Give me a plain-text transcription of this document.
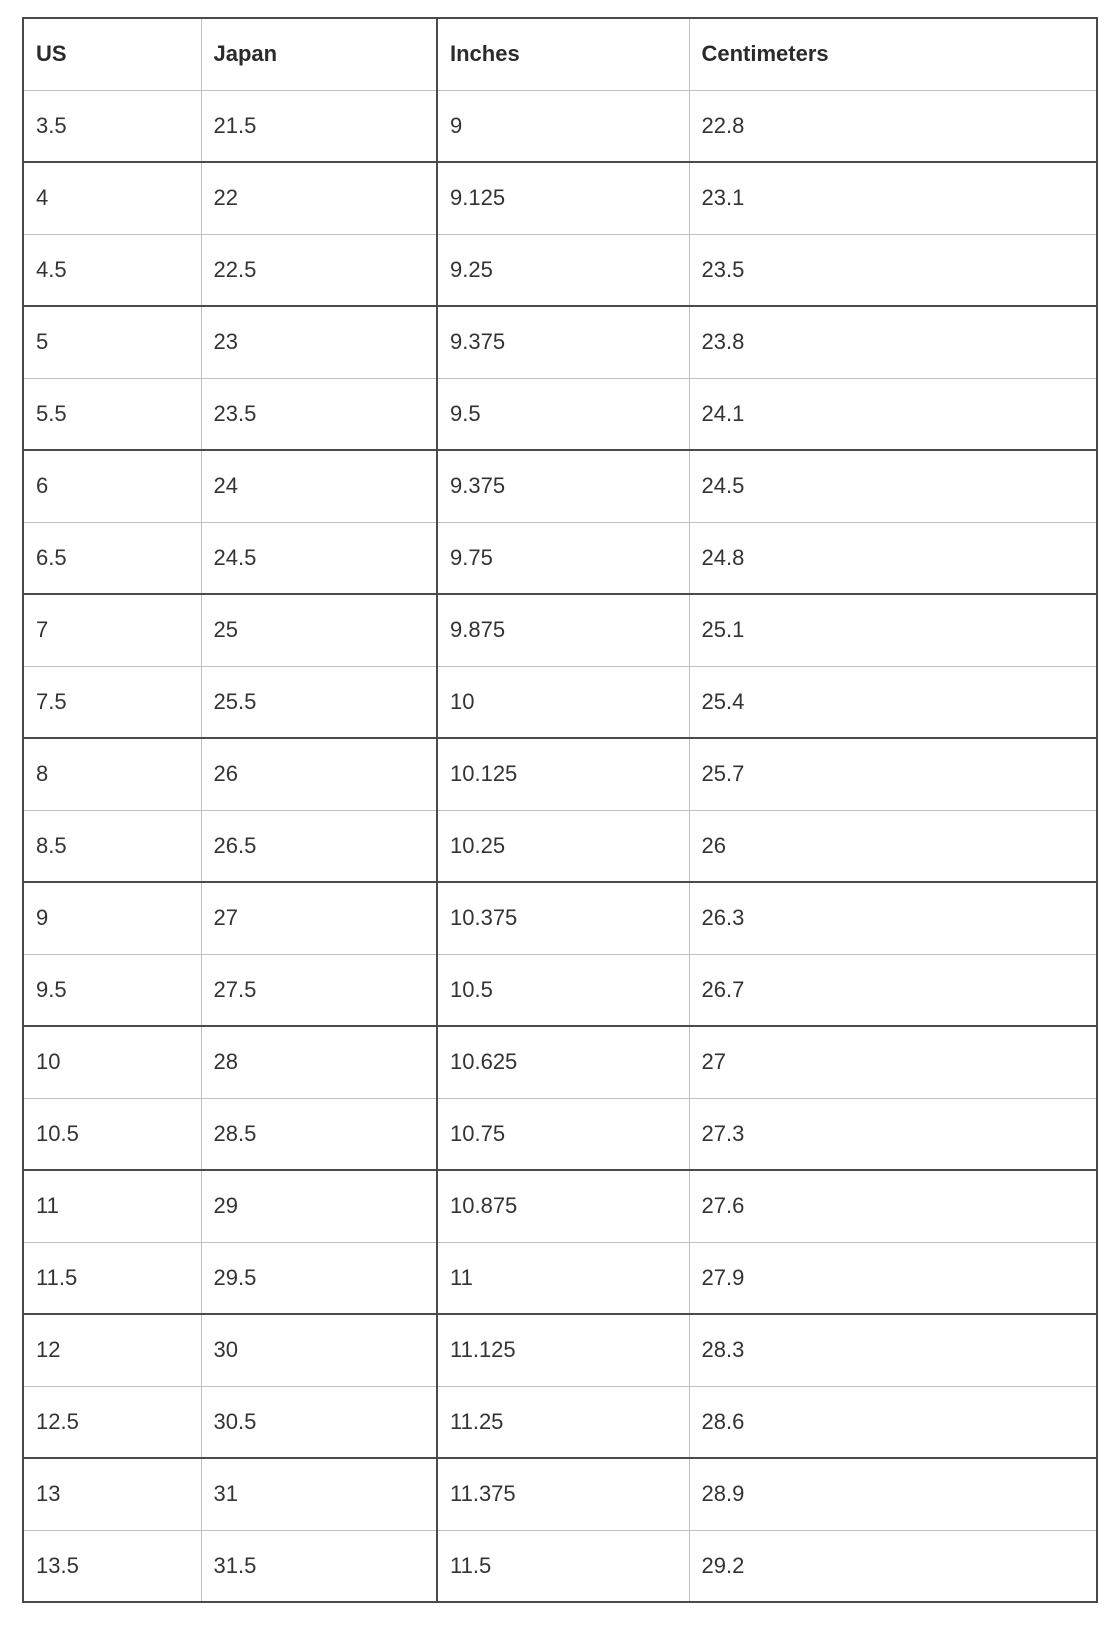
US	Japan	Inches	Centimeters
3.5	21.5	9	22.8
4	22	9.125	23.1
4.5	22.5	9.25	23.5
5	23	9.375	23.8
5.5	23.5	9.5	24.1
6	24	9.375	24.5
6.5	24.5	9.75	24.8
7	25	9.875	25.1
7.5	25.5	10	25.4
8	26	10.125	25.7
8.5	26.5	10.25	26
9	27	10.375	26.3
9.5	27.5	10.5	26.7
10	28	10.625	27
10.5	28.5	10.75	27.3
11	29	10.875	27.6
11.5	29.5	11	27.9
12	30	11.125	28.3
12.5	30.5	11.25	28.6
13	31	11.375	28.9
13.5	31.5	11.5	29.2
